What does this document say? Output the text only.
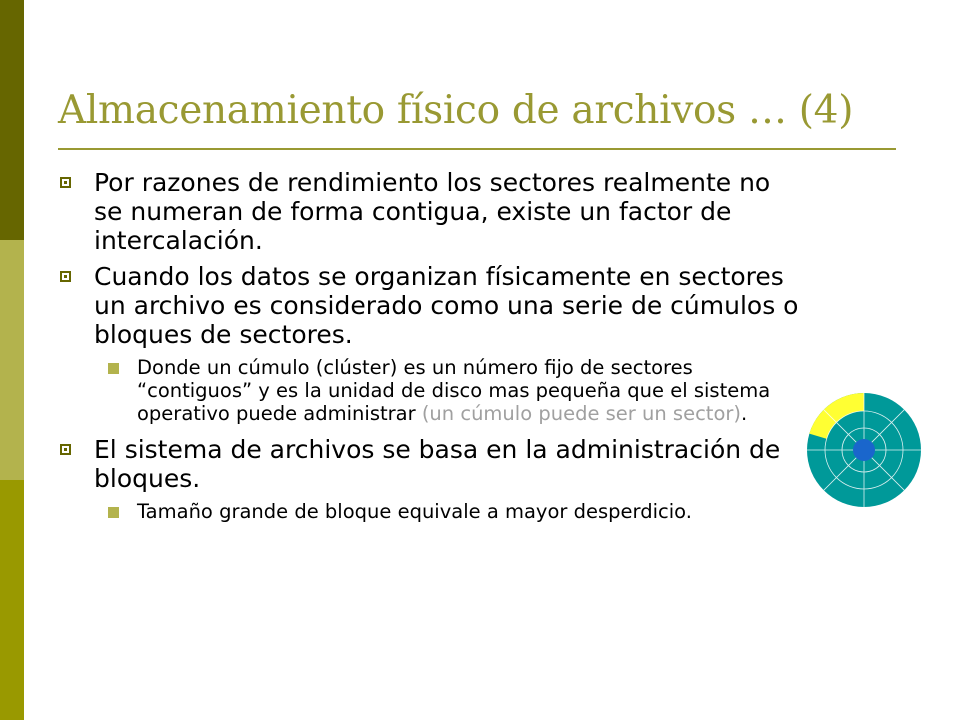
Almacenamiento físico de archivos … (4)
Por razones de rendimiento los sectores realmente no se numeran de forma contigua, existe un factor de intercalación.
Cuando los datos se organizan físicamente en sectores un archivo es considerado como una serie de cúmulos o bloques de sectores.
Donde un cúmulo (clúster) es un número fijo de sectores “contiguos” y es la unidad de disco mas pequeña que el sistema operativo puede administrar (un cúmulo puede ser un sector).
El sistema de archivos se basa en la administración de bloques.
Tamaño grande de bloque equivale a mayor desperdicio.
